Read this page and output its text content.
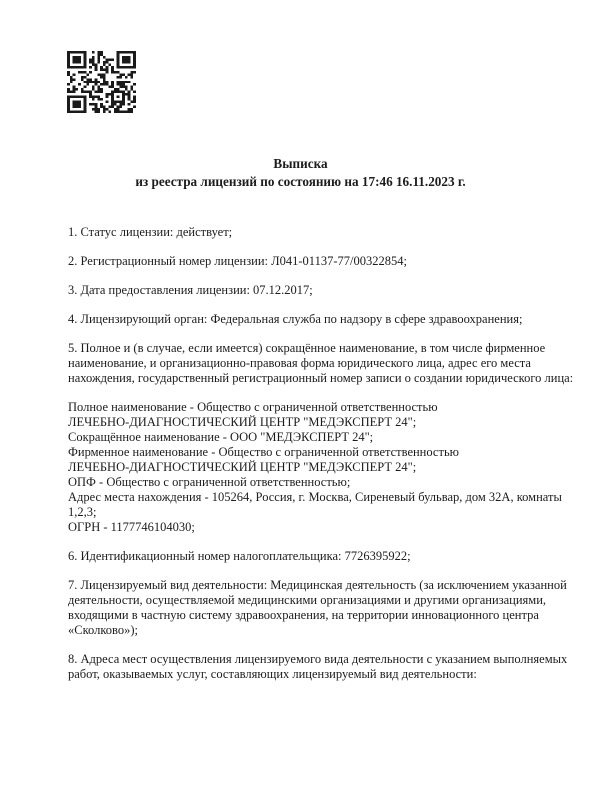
Выписка
из реестра лицензий по состоянию на 17:46 16.11.2023 г.
1. Статус лицензии: действует;
2. Регистрационный номер лицензии: Л041-01137-77/00322854;
3. Дата предоставления лицензии: 07.12.2017;
4. Лицензирующий орган: Федеральная служба по надзору в сфере здравоохранения;
5. Полное и (в случае, если имеется) сокращённое наименование, в том числе фирменное
наименование, и организационно-правовая форма юридического лица, адрес его места
нахождения, государственный регистрационный номер записи о создании юридического лица:
Полное наименование - Общество с ограниченной ответственностью
ЛЕЧЕБНО-ДИАГНОСТИЧЕСКИЙ ЦЕНТР "МЕДЭКСПЕРТ 24";
Сокращённое наименование - ООО "МЕДЭКСПЕРТ 24";
Фирменное наименование - Общество с ограниченной ответственностью
ЛЕЧЕБНО-ДИАГНОСТИЧЕСКИЙ ЦЕНТР "МЕДЭКСПЕРТ 24";
ОПФ - Общество с ограниченной ответственностью;
Адрес места нахождения - 105264, Россия, г. Москва, Сиреневый бульвар, дом 32А, комнаты
1,2,3;
ОГРН - 1177746104030;
6. Идентификационный номер налогоплательщика: 7726395922;
7. Лицензируемый вид деятельности: Медицинская деятельность (за исключением указанной
деятельности, осуществляемой медицинскими организациями и другими организациями,
входящими в частную систему здравоохранения, на территории инновационного центра
«Сколково»);
8. Адреса мест осуществления лицензируемого вида деятельности с указанием выполняемых
работ, оказываемых услуг, составляющих лицензируемый вид деятельности:
